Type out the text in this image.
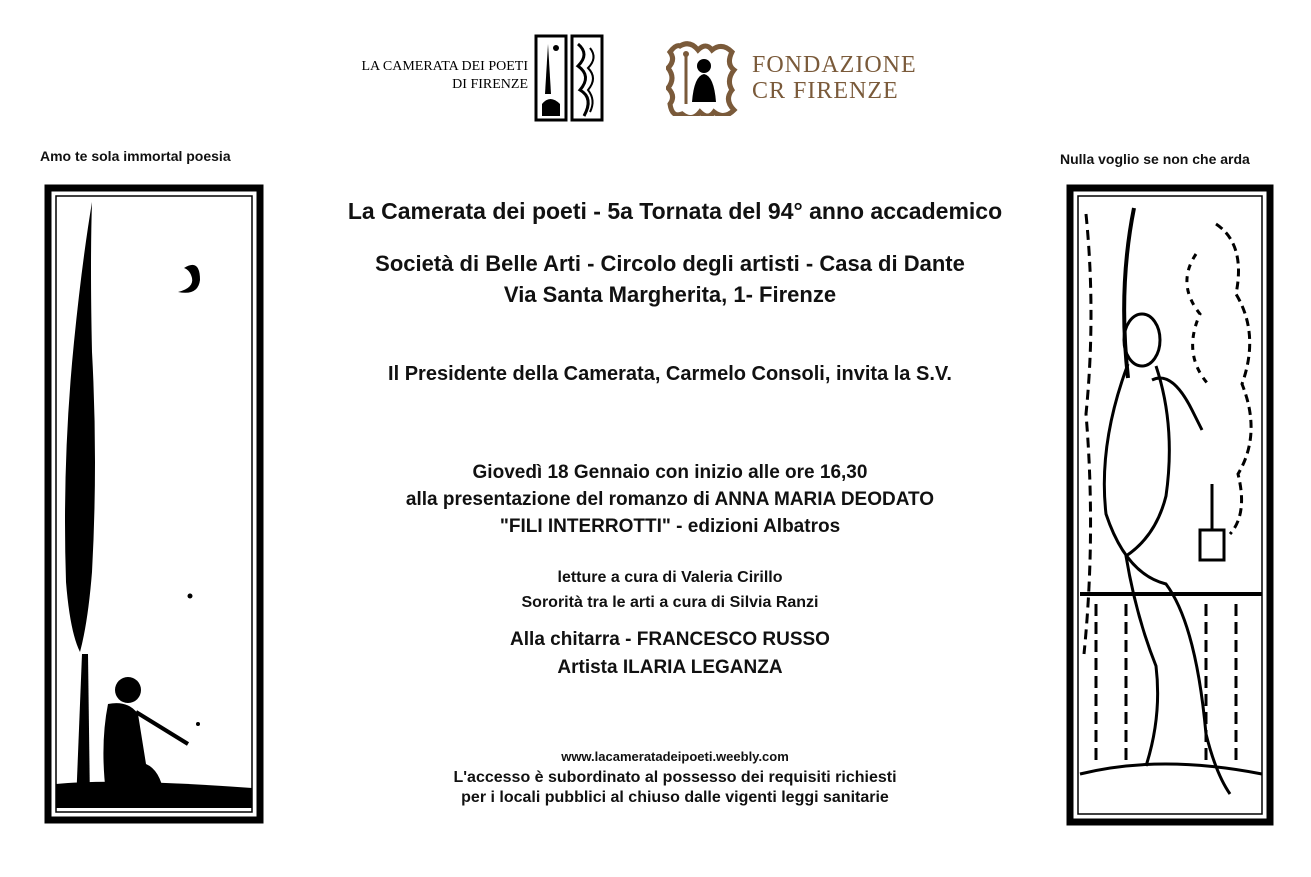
LA CAMERATA DEI POETI
DI FIRENZE
FONDAZIONE
CR FIRENZE
Amo te sola immortal poesia	Nulla voglio se non che arda
La Camerata dei poeti - 5a Tornata del 94° anno accademico
Società di Belle Arti - Circolo degli artisti - Casa di Dante
Via Santa Margherita, 1- Firenze
Il Presidente della Camerata, Carmelo Consoli, invita la S.V.
Giovedì 18 Gennaio con inizio alle ore 16,30
alla presentazione del romanzo di ANNA MARIA DEODATO
"FILI INTERROTTI" - edizioni Albatros
letture a cura di Valeria Cirillo
Sororità tra le arti a cura di Silvia Ranzi
Alla chitarra - FRANCESCO RUSSO
Artista ILARIA LEGANZA
www.lacameratadeipoeti.weebly.com
L'accesso è subordinato al possesso dei requisiti richiesti
per i locali pubblici al chiuso dalle vigenti leggi sanitarie
